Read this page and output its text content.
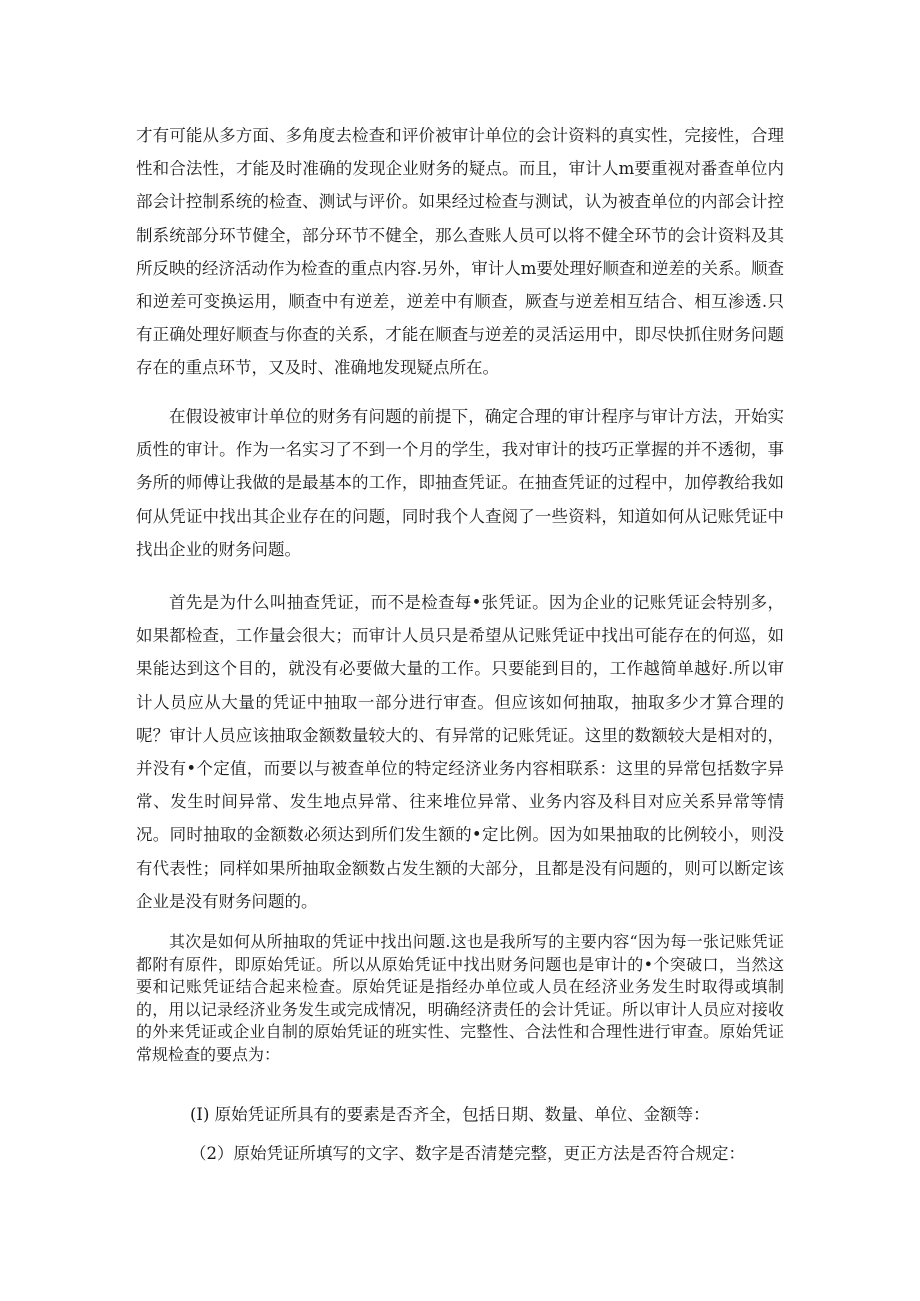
才有可能从多方面、多角度去检查和评价被审计单位的会计资料的真实性，完接性，合理性和合法性，才能及时准确的发现企业财务的疑点。而且，审计人m要重视对番查单位内部会计控制系统的检查、测试与评价。如果经过检查与测试，认为被査单位的内部会计控制系统部分环节健全，部分环节不健全，那么查账人员可以将不健全环节的会计资料及其所反映的经济活动作为检查的重点内容.另外，审计人m要处理好顺查和逆差的关系。顺查和逆差可变换运用，顺查中有逆差，逆差中有顺查，厥查与逆差相互结合、相互渗透.只有正确处理好顺查与你查的关系，才能在顺査与逆差的灵活运用中，即尽快抓住财务问题存在的重点环节，又及时、准确地发现疑点所在。

在假设被审计单位的财务有问题的前提下，确定合理的审计程序与审计方法，开始实质性的审计。作为一名实习了不到一个月的学生，我对审计的技巧正掌握的并不透彻，事务所的师傅让我做的是最基本的工作，即抽查凭证。在抽查凭证的过程中，加停教给我如何从凭证中找出其企业存在的问题，同时我个人查阅了一些资料，知道如何从记账凭证中找出企业的财务问题。

首先是为什么叫抽查凭证，而不是检查每•张凭证。因为企业的记账凭证会特别多，如果都检查，工作量会很大；而审计人员只是希望从记账凭证中找出可能存在的何巡，如果能达到这个目的，就没有必要做大量的工作。只要能到目的，工作越简单越好.所以审计人员应从大量的凭证中抽取一部分进行审查。但应该如何抽取，抽取多少才算合理的呢？审计人员应该抽取金额数量较大的、有异常的记账凭证。这里的数额较大是相对的，并没有•个定值，而要以与被查单位的特定经济业务内容相联系：这里的异常包括数字异常、发生时间异常、发生地点异常、往来堆位异常、业务内容及科目对应关系异常等情况。同时抽取的金额数必须达到所们发生额的•定比例。因为如果抽取的比例较小，则没有代表性；同样如果所抽取金额数占发生额的大部分，且都是没有问题的，则可以断定该企业是没有财务问题的。

其次是如何从所抽取的凭证中找出问题.这也是我所写的主要内容“因为每一张记账凭证都附有原件，即原始凭证。所以从原始凭证中找出财务问题也是审计的•个突破口，当然这要和记账凭证结合起来检查。原始凭证是指经办单位或人员在经济业务发生时取得或填制的，用以记录经济业务发生或完成情况，明确经济责任的会计凭证。所以审计人员应对接收的外来凭证或企业自制的原始凭证的班实性、完整性、合法性和合理性进行审查。原始凭证常规检查的要点为：

(I) 原始凭证所具有的要素是否齐全，包括日期、数量、单位、金额等：

（2）原始凭证所填写的文字、数字是否清楚完整，更正方法是否符合规定：
